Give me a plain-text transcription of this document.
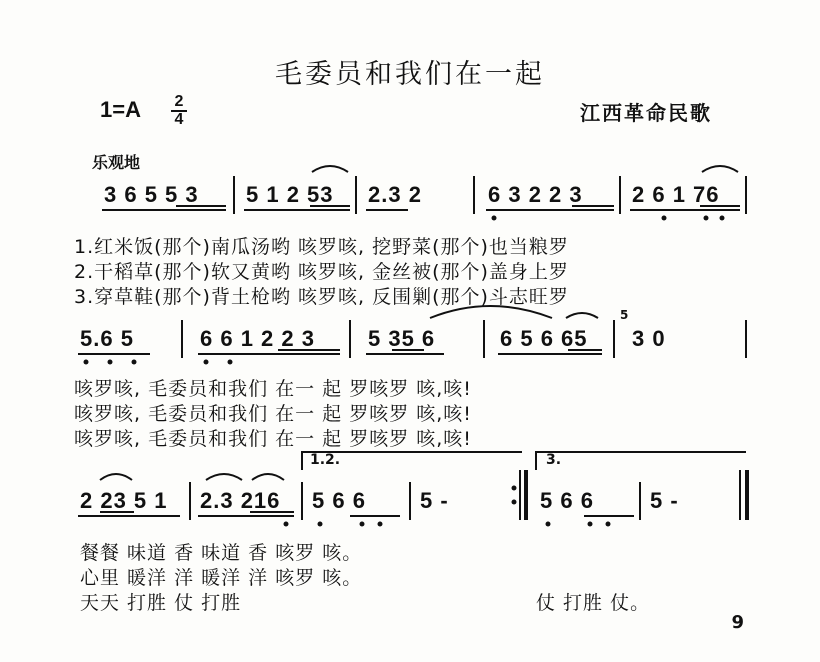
毛委员和我们在一起
1=A 2
4	江西革命民歌
乐观地
3 6 5 5 3 5 1 2 53 2.3 2	6 3 2 2 3 2 6 1 76
1.红米饭(那个)南瓜汤哟 咳罗咳, 挖野菜(那个)也当粮罗
2.干稻草(那个)软又黄哟 咳罗咳, 金丝被(那个)盖身上罗
3.穿草鞋(那个)背土枪哟 咳罗咳, 反围剿(那个)斗志旺罗
5.6 5	6 6 1 2 2 3 5 35 6	6 5 6 65
5
3 0
咳罗咳, 毛委员和我们 在一 起 罗咳罗 咳,咳!
咳罗咳, 毛委员和我们 在一 起 罗咳罗 咳,咳!
咳罗咳, 毛委员和我们 在一 起 罗咳罗 咳,咳!
1.2.	3.
2 23 5 1 2.3 216 5 6 6 5 -	5 6 6	5 -
餐餐 味道 香 味道 香 咳罗 咳。
心里 暖洋 洋 暖洋 洋 咳罗 咳。
天天 打胜 仗 打胜	仗 打胜 仗。
9
